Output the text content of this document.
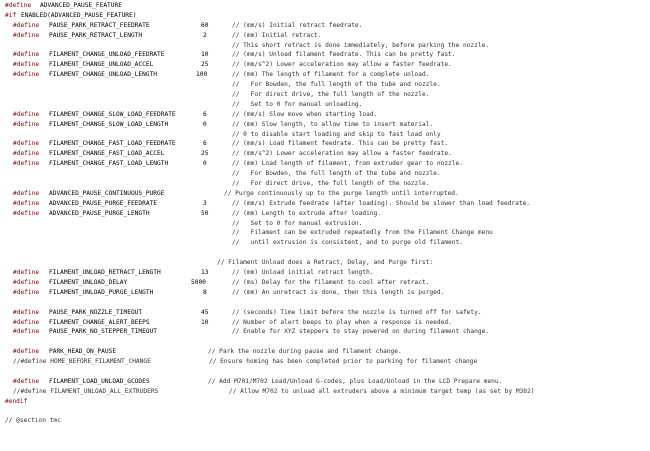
#define ADVANCED_PAUSE_FEATURE
#if ENABLED(ADVANCED_PAUSE_FEATURE)
#define PAUSE_PARK_RETRACT_FEEDRATE	60	// (mm/s) Initial retract feedrate.
#define PAUSE_PARK_RETRACT_LENGTH	2	// (mm) Initial retract.
// This short retract is done immediately, before parking the nozzle.
#define FILAMENT_CHANGE_UNLOAD_FEEDRATE	10	// (mm/s) Unload filament feedrate. This can be pretty fast.
#define FILAMENT_CHANGE_UNLOAD_ACCEL	25	// (mm/s^2) Lower acceleration may allow a faster feedrate.
#define FILAMENT_CHANGE_UNLOAD_LENGTH	100	// (mm) The length of filament for a complete unload.
//   For Bowden, the full length of the tube and nozzle.
//   For direct drive, the full length of the nozzle.
//   Set to 0 for manual unloading.
#define FILAMENT_CHANGE_SLOW_LOAD_FEEDRATE	6	// (mm/s) Slow move when starting load.
#define FILAMENT_CHANGE_SLOW_LOAD_LENGTH	0	// (mm) Slow length, to allow time to insert material.
// 0 to disable start loading and skip to fast load only
#define FILAMENT_CHANGE_FAST_LOAD_FEEDRATE	6	// (mm/s) Load filament feedrate. This can be pretty fast.
#define FILAMENT_CHANGE_FAST_LOAD_ACCEL	25	// (mm/s^2) Lower acceleration may allow a faster feedrate.
#define FILAMENT_CHANGE_FAST_LOAD_LENGTH	0	// (mm) Load length of filament, from extruder gear to nozzle.
//   For Bowden, the full length of the tube and nozzle.
//   For direct drive, the full length of the nozzle.
#define ADVANCED_PAUSE_CONTINUOUS_PURGE	// Purge continuously up to the purge length until interrupted.
#define ADVANCED_PAUSE_PURGE_FEEDRATE	3	// (mm/s) Extrude feedrate (after loading). Should be slower than load feedrate.
#define ADVANCED_PAUSE_PURGE_LENGTH	50	// (mm) Length to extrude after loading.
//   Set to 0 for manual extrusion.
//   Filament can be extruded repeatedly from the Filament Change menu
//   until extrusion is consistent, and to purge old filament.
// Filament Unload does a Retract, Delay, and Purge first:
#define FILAMENT_UNLOAD_RETRACT_LENGTH	13	// (mm) Unload initial retract length.
#define FILAMENT_UNLOAD_DELAY	5000	// (ms) Delay for the filament to cool after retract.
#define FILAMENT_UNLOAD_PURGE_LENGTH	8	// (mm) An unretract is done, then this length is purged.
#define PAUSE_PARK_NOZZLE_TIMEOUT	45	// (seconds) Time limit before the nozzle is turned off for safety.
#define FILAMENT_CHANGE_ALERT_BEEPS	10	// Number of alert beeps to play when a response is needed.
#define PAUSE_PARK_NO_STEPPER_TIMEOUT	// Enable for XYZ steppers to stay powered on during filament change.
#define PARK_HEAD_ON_PAUSE	// Park the nozzle during pause and filament change.
//#define HOME_BEFORE_FILAMENT_CHANGE	// Ensure homing has been completed prior to parking for filament change
#define FILAMENT_LOAD_UNLOAD_GCODES	// Add M701/M702 Load/Unload G-codes, plus Load/Unload in the LCD Prepare menu.
//#define FILAMENT_UNLOAD_ALL_EXTRUDERS	// Allow M702 to unload all extruders above a minimum target temp (as set by M302)
#endif
// @section tmc
